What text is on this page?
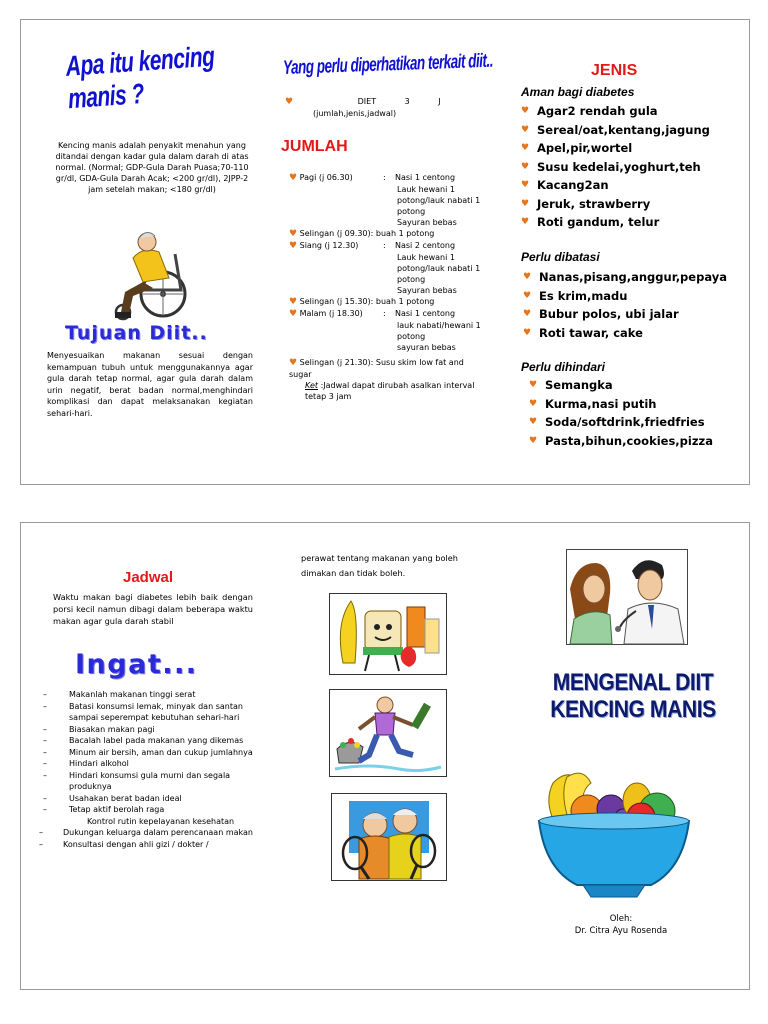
Apa itu kencing manis ?
Kencing manis adalah penyakit menahun yang ditandai dengan kadar gula dalam darah di atas normal. (Normal; GDP-Gula Darah Puasa;70-110 gr/dl, GDA-Gula Darah Acak; <200 gr/dl), 2JPP-2 jam setelah makan; <180 gr/dl)
Tujuan Diit..
Menyesuaikan makanan sesuai dengan kemampuan tubuh untuk menggunakannya agar gula darah tetap normal, agar gula darah dalam urin negatif, berat badan normal,menghindari komplikasi dan dapat melaksanakan kegiatan sehari-hari.
Yang perlu diperhatikan terkait diit..
♥	DIET 3 J
(jumlah,jenis,jadwal)
JUMLAH
♥ Pagi (j 06.30)	: Nasi 1 centong
Lauk hewani 1 potong/lauk nabati 1 potong
Sayuran bebas
♥ Selingan (j 09.30): buah 1 potong
♥ Siang (j 12.30)	: Nasi 2 centong
Lauk hewani 1 potong/lauk nabati 1 potong
Sayuran bebas
♥ Selingan (j 15.30): buah 1 potong
♥ Malam (j 18.30)	: Nasi 1 centong
lauk nabati/hewani 1 potong
sayuran bebas
♥ Selingan (j 21.30): Susu skim low fat and sugar
Ket :Jadwal dapat dirubah asalkan interval tetap 3 jam
JENIS
Aman bagi diabetes
♥ Agar2 rendah gula
♥ Sereal/oat,kentang,jagung
♥ Apel,pir,wortel
♥ Susu kedelai,yoghurt,teh
♥ Kacang2an
♥ Jeruk, strawberry
♥ Roti gandum, telur
Perlu dibatasi
♥ Nanas,pisang,anggur,pepaya
♥ Es krim,madu
♥ Bubur polos, ubi jalar
♥ Roti tawar, cake
Perlu dihindari
♥ Semangka
♥ Kurma,nasi putih
♥ Soda/softdrink,friedfries
♥ Pasta,bihun,cookies,pizza
Jadwal
Waktu makan bagi diabetes lebih baik dengan porsi kecil namun dibagi dalam beberapa waktu makan agar gula darah stabil
Ingat...
–	Makanlah makanan tinggi serat
–	Batasi konsumsi lemak, minyak dan santan sampai seperempat kebutuhan sehari-hari
–	Biasakan makan pagi
–	Bacalah label pada makanan yang dikemas
–	Minum air bersih, aman dan cukup jumlahnya
–	Hindari alkohol
–	Hindari konsumsi gula murni dan segala produknya
–	Usahakan berat badan ideal
–	Tetap aktif berolah raga
Kontrol rutin kepelayanan kesehatan
–	Dukungan keluarga dalam perencanaan makan
–	Konsultasi dengan ahli gizi / dokter /
perawat tentang makanan yang boleh dimakan dan tidak boleh.
MENGENAL DIIT
KENCING MANIS
Oleh:
Dr. Citra Ayu Rosenda
